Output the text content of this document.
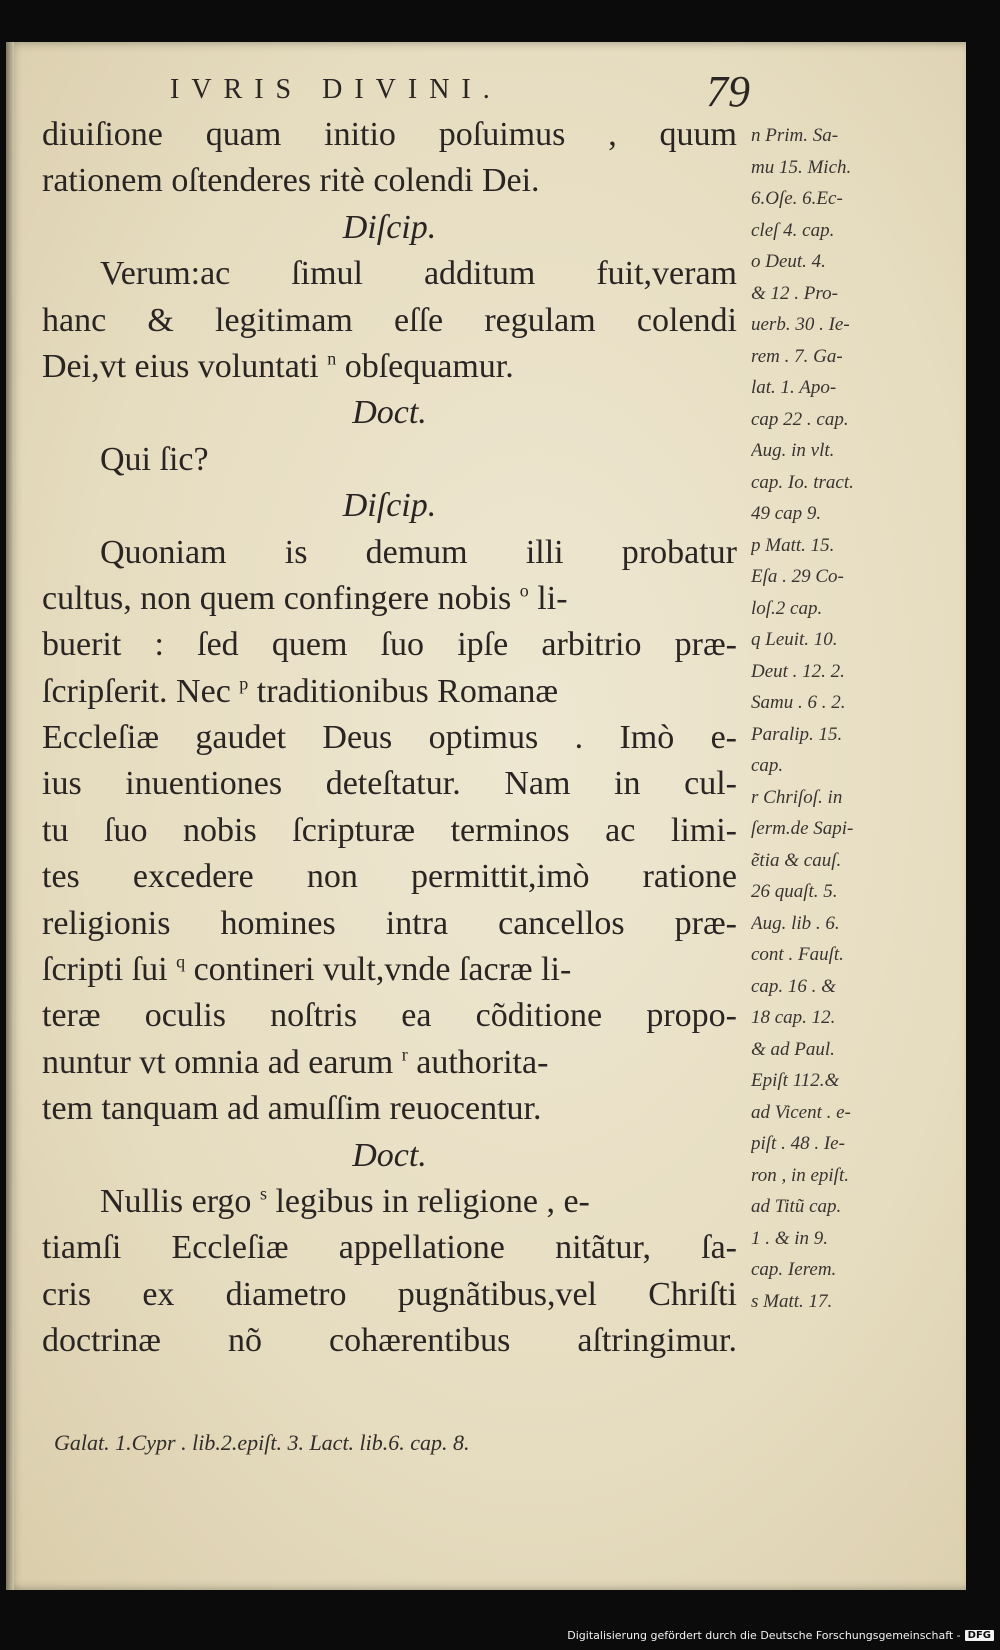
IVRIS DIVINI.	79
diuiſione quam initio poſuimus , quum
rationem oſtenderes ritè colendi Dei.
Diſcip.
Verum:ac ſimul additum fuit,veram
hanc & legitimam eſſe regulam colendi
Dei,vt eius voluntati $^n$ obſequamur.
Doct.
Qui ſic?
Diſcip.
Quoniam is demum illi probatur
cultus, non quem confingere nobis $^o$ li-
buerit : ſed quem ſuo ipſe arbitrio præ-
ſcripſerit. Nec $^p$ traditionibus Romanæ
Eccleſiæ gaudet Deus optimus . Imò e-
ius inuentiones deteſtatur. Nam in cul-
tu ſuo nobis ſcripturæ terminos ac limi-
tes excedere non permittit,imò ratione
religionis homines intra cancellos præ-
ſcripti ſui $^q$ contineri vult,vnde ſacræ li-
teræ oculis noſtris ea cõditione propo-
nuntur vt omnia ad earum $^r$ authorita-
tem tanquam ad amuſſim reuocentur.
Doct.
Nullis ergo $^s$ legibus in religione , e-
tiamſi Eccleſiæ appellatione nitãtur, ſa-
cris ex diametro pugnãtibus,vel Chriſti
doctrinæ nõ cohærentibus aſtringimur.
n Prim. Sa-
mu 15. Mich.
6.Oſe. 6.Ec-
cleſ 4. cap.
o Deut. 4.
& 12 . Pro-
uerb. 30 . Ie-
rem . 7. Ga-
lat. 1. Apo-
cap 22 . cap.
Aug. in vlt.
cap. Io. tract.
49 cap 9.
p Matt. 15.
Eſa . 29 Co-
loſ.2 cap.
q Leuit. 10.
Deut . 12. 2.
Samu . 6 . 2.
Paralip. 15.
cap.
r Chriſoſ. in
ſerm.de Sapi-
ẽtia & cauſ.
26 quaſt. 5.
Aug. lib . 6.
cont . Fauſt.
cap. 16 . &
18 cap. 12.
& ad Paul.
Epiſt 112.&
ad Vicent . e-
piſt . 48 . Ie-
ron , in epiſt.
ad Titũ cap.
1 . & in 9.
cap. Ierem.
s Matt. 17.
Galat. 1.Cypr . lib.2.epiſt. 3. Lact. lib.6. cap. 8.
Digitalisierung gefördert durch die Deutsche Forschungsgemeinschaft - DFG
